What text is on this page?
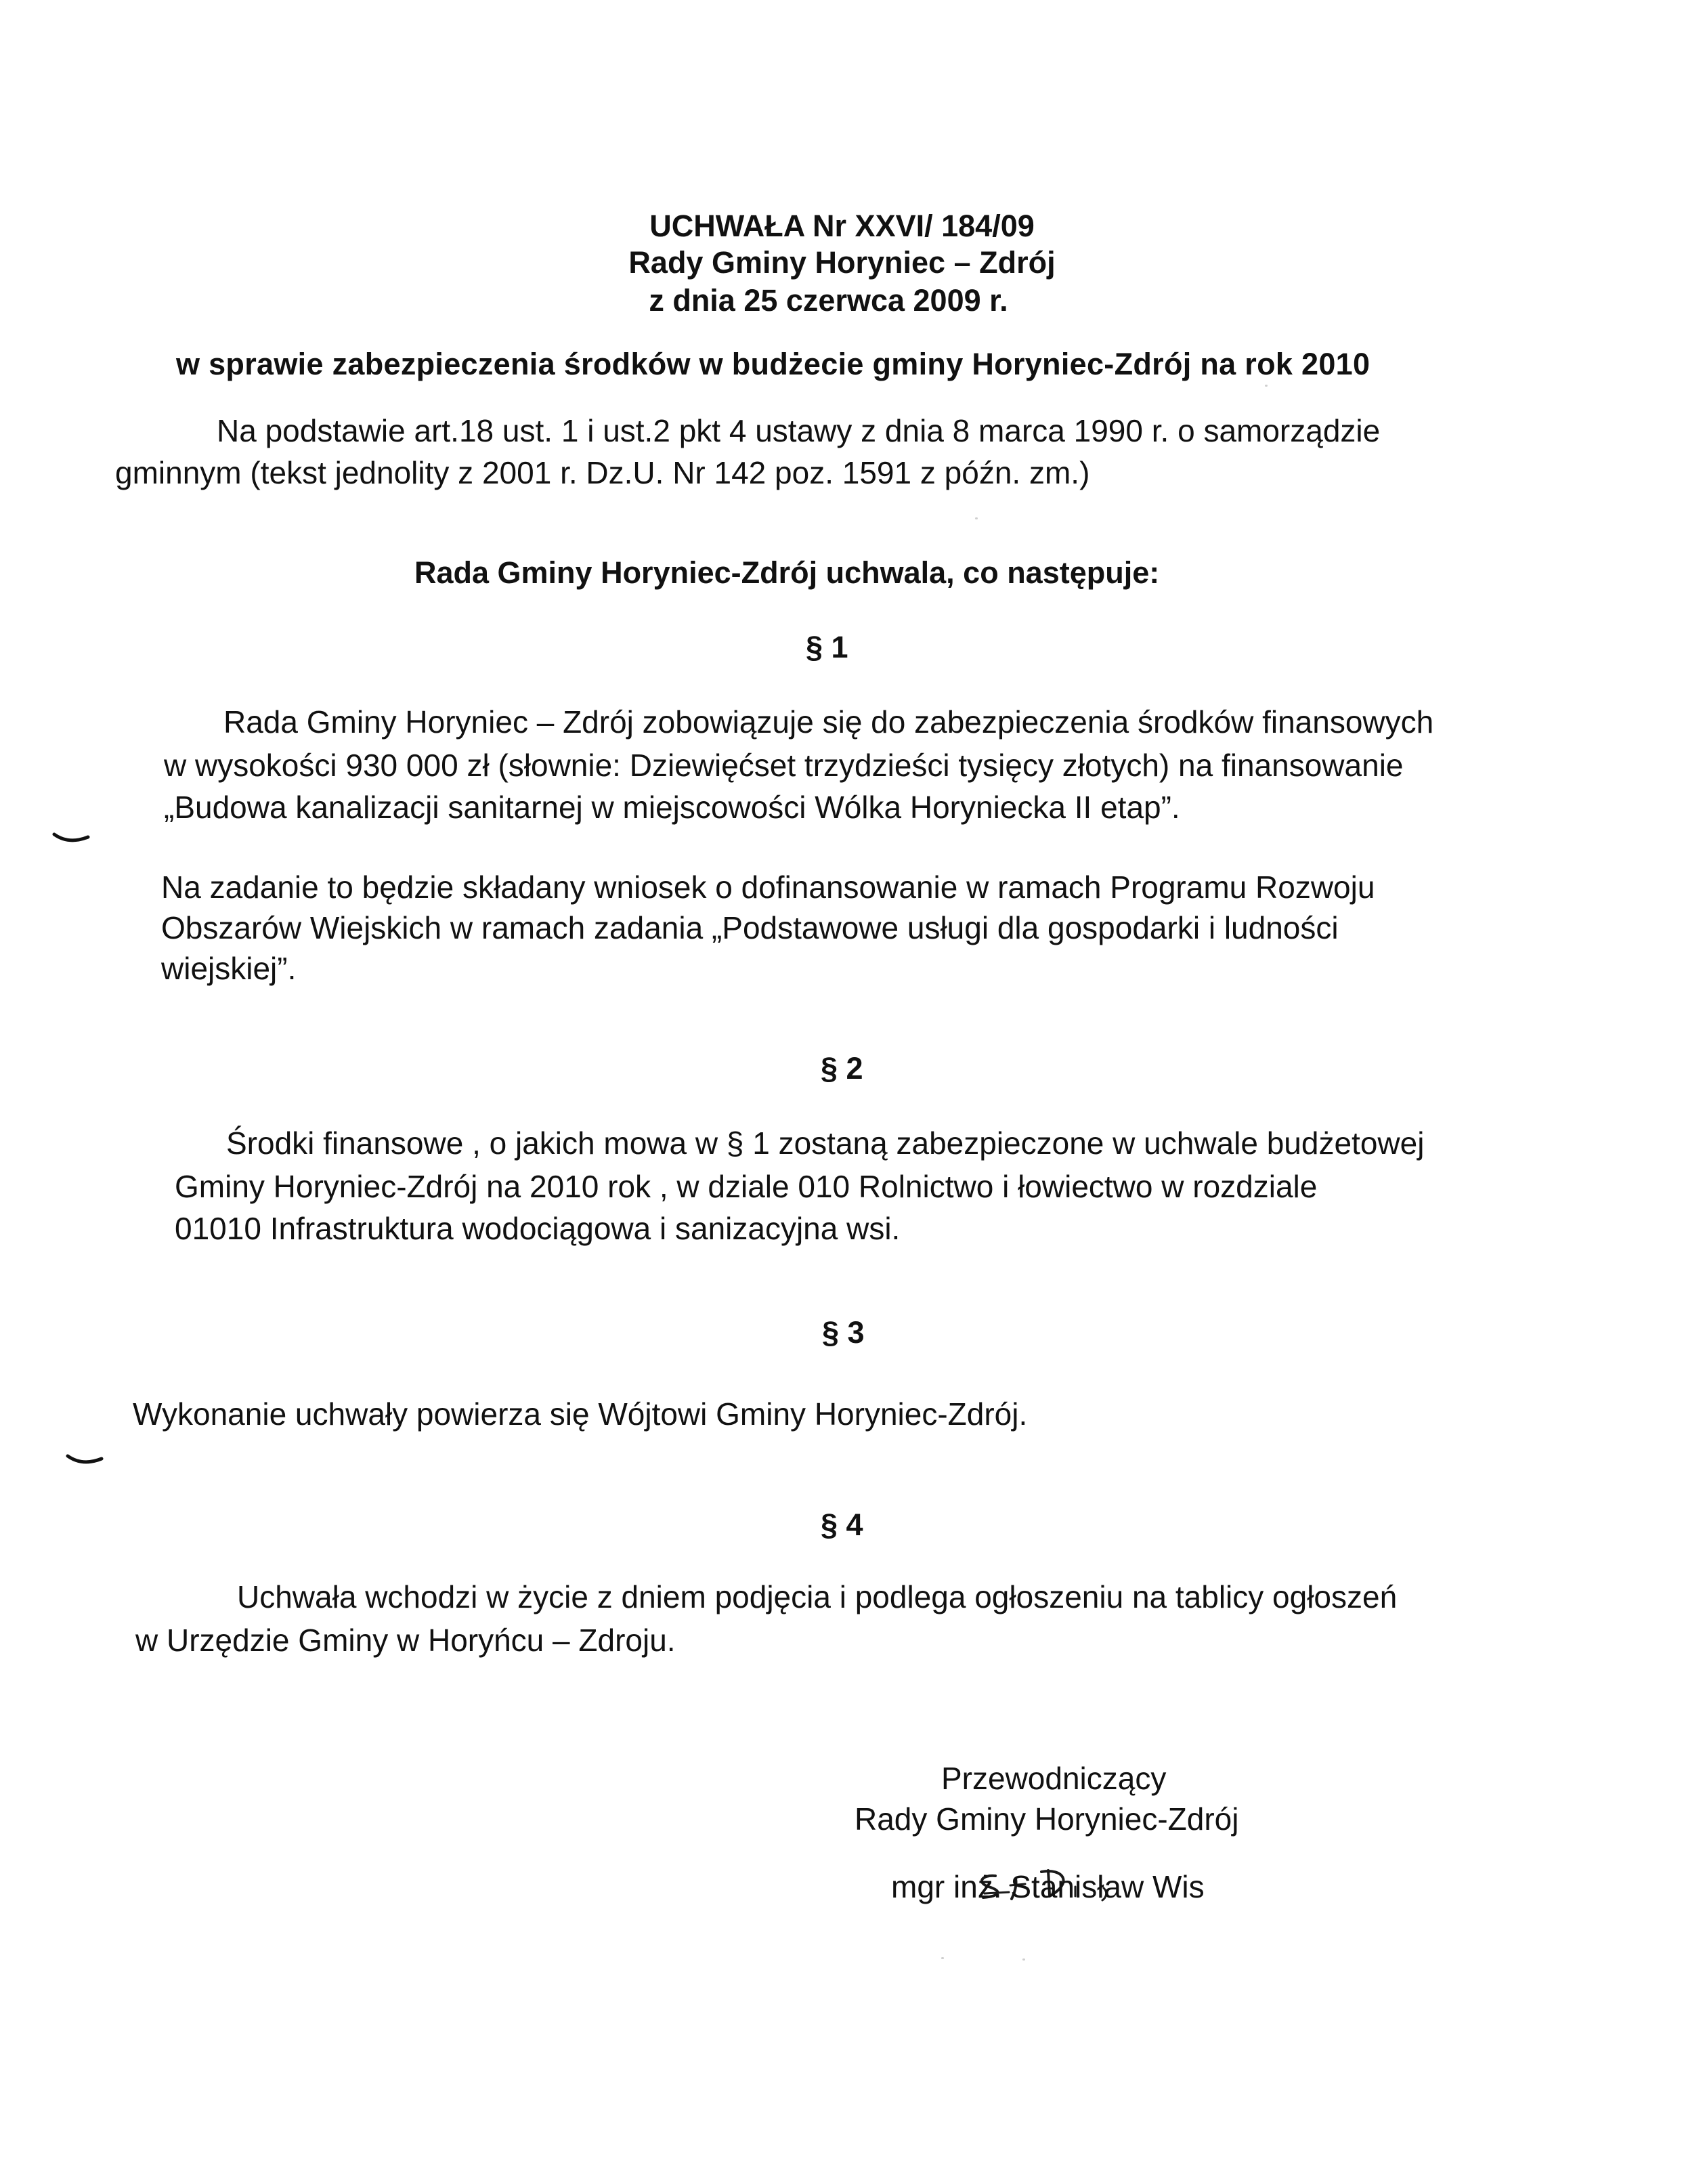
UCHWAŁA Nr XXVI/ 184/09
Rady Gminy Horyniec – Zdrój
z dnia 25 czerwca 2009 r.
w sprawie zabezpieczenia środków w budżecie gminy Horyniec-Zdrój na rok 2010
Na podstawie art.18 ust. 1 i ust.2 pkt 4 ustawy z dnia 8 marca 1990 r. o samorządzie
gminnym (tekst jednolity z 2001 r. Dz.U. Nr 142 poz. 1591 z późn. zm.)
Rada Gminy Horyniec-Zdrój uchwala, co następuje:
§ 1
Rada Gminy Horyniec – Zdrój zobowiązuje się do zabezpieczenia środków finansowych
w wysokości 930 000 zł (słownie: Dziewięćset trzydzieści tysięcy złotych) na finansowanie
„Budowa kanalizacji sanitarnej w miejscowości Wólka Horyniecka II etap”.
Na zadanie to będzie składany wniosek o dofinansowanie w ramach Programu Rozwoju
Obszarów Wiejskich w ramach zadania „Podstawowe usługi dla gospodarki i ludności
wiejskiej”.
§ 2
Środki finansowe , o jakich mowa w § 1 zostaną zabezpieczone w uchwale budżetowej
Gminy Horyniec-Zdrój na 2010 rok , w dziale 010 Rolnictwo i łowiectwo w rozdziale
01010 Infrastruktura wodociągowa i sanizacyjna wsi.
§ 3
Wykonanie uchwały powierza się Wójtowi Gminy Horyniec-Zdrój.
§ 4
Uchwała wchodzi w życie z dniem podjęcia i podlega ogłoszeniu na tablicy ogłoszeń
w Urzędzie Gminy w Horyńcu – Zdroju.
Przewodniczący
Rady Gminy Horyniec-Zdrój
mgr inż. Stanisław Wis
